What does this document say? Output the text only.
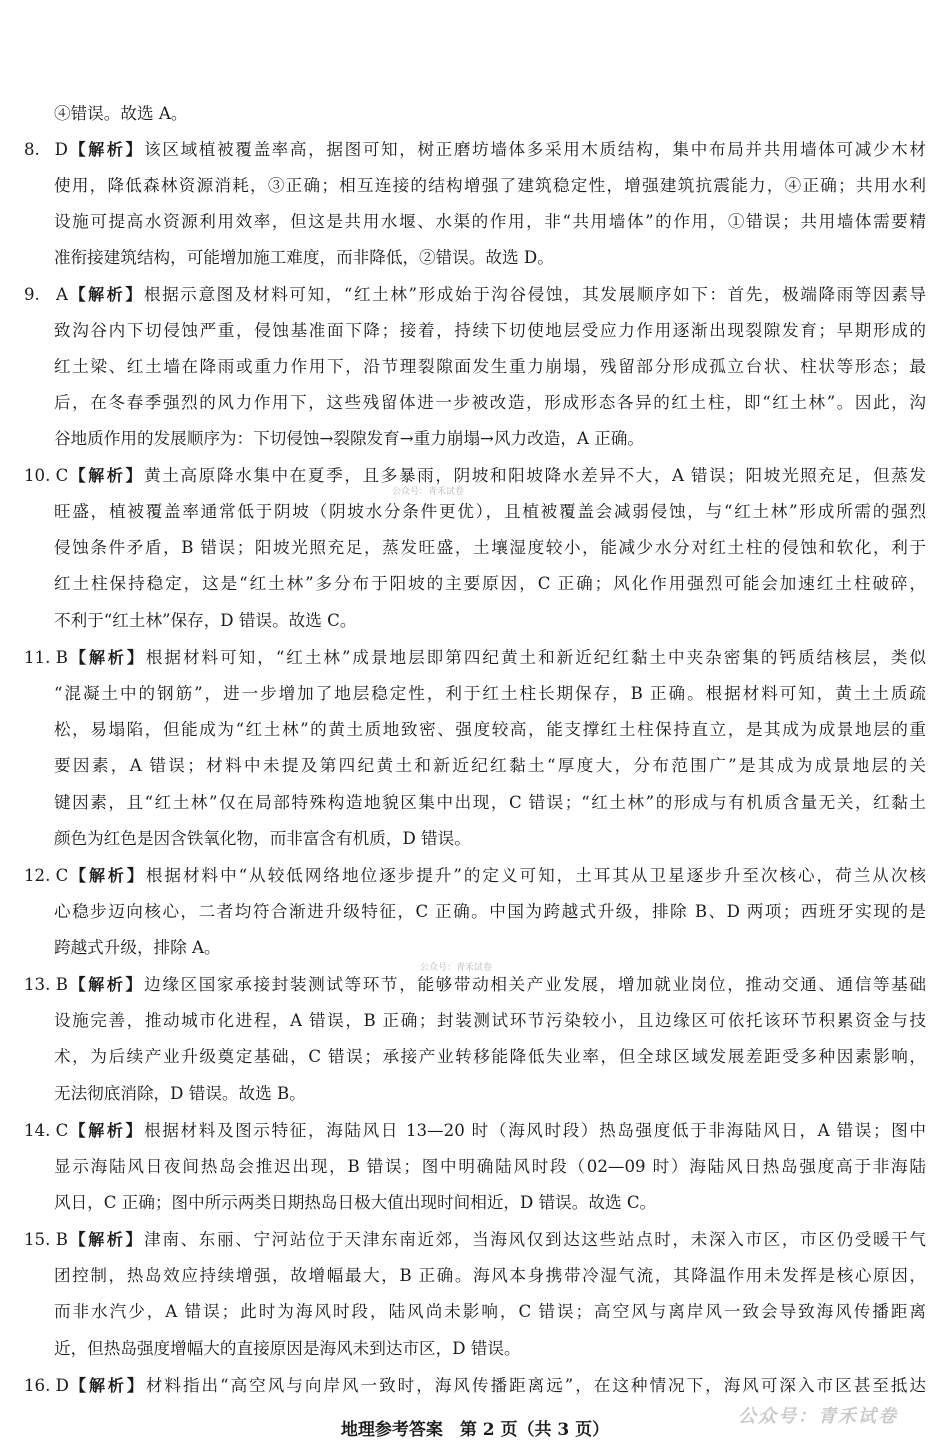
④错误。故选 A。
8. D【解析】该区域植被覆盖率高，据图可知，树正磨坊墙体多采用木质结构，集中布局并共用墙体可减少木材
使用，降低森林资源消耗，③正确；相互连接的结构增强了建筑稳定性，增强建筑抗震能力，④正确；共用水利
设施可提高水资源利用效率，但这是共用水堰、水渠的作用，非“共用墙体”的作用，①错误；共用墙体需要精
准衔接建筑结构，可能增加施工难度，而非降低，②错误。故选 D。
9. A【解析】根据示意图及材料可知，“红土林”形成始于沟谷侵蚀，其发展顺序如下：首先，极端降雨等因素导
致沟谷内下切侵蚀严重，侵蚀基准面下降；接着，持续下切使地层受应力作用逐渐出现裂隙发育；早期形成的
红土梁、红土墙在降雨或重力作用下，沿节理裂隙面发生重力崩塌，残留部分形成孤立台状、柱状等形态；最
后，在冬春季强烈的风力作用下，这些残留体进一步被改造，形成形态各异的红土柱，即“红土林”。因此，沟
谷地质作用的发展顺序为：下切侵蚀→裂隙发育→重力崩塌→风力改造，A 正确。
10. C【解析】黄土高原降水集中在夏季，且多暴雨，阴坡和阳坡降水差异不大，A 错误；阳坡光照充足，但蒸发
旺盛，植被覆盖率通常低于阴坡（阴坡水分条件更优），且植被覆盖会减弱侵蚀，与“红土林”形成所需的强烈
侵蚀条件矛盾，B 错误；阳坡光照充足，蒸发旺盛，土壤湿度较小，能减少水分对红土柱的侵蚀和软化，利于
红土柱保持稳定，这是“红土林”多分布于阳坡的主要原因，C 正确；风化作用强烈可能会加速红土柱破碎，
不利于“红土林”保存，D 错误。故选 C。
11. B【解析】根据材料可知，“红土林”成景地层即第四纪黄土和新近纪红黏土中夹杂密集的钙质结核层，类似
“混凝土中的钢筋”，进一步增加了地层稳定性，利于红土柱长期保存，B 正确。根据材料可知，黄土土质疏
松，易塌陷，但能成为“红土林”的黄土质地致密、强度较高，能支撑红土柱保持直立，是其成为成景地层的重
要因素，A 错误；材料中未提及第四纪黄土和新近纪红黏土“厚度大，分布范围广”是其成为成景地层的关
键因素，且“红土林”仅在局部特殊构造地貌区集中出现，C 错误；“红土林”的形成与有机质含量无关，红黏土
颜色为红色是因含铁氧化物，而非富含有机质，D 错误。
12. C【解析】根据材料中“从较低网络地位逐步提升”的定义可知，土耳其从卫星逐步升至次核心，荷兰从次核
心稳步迈向核心，二者均符合渐进升级特征，C 正确。中国为跨越式升级，排除 B、D 两项；西班牙实现的是
跨越式升级，排除 A。
13. B【解析】边缘区国家承接封装测试等环节，能够带动相关产业发展，增加就业岗位，推动交通、通信等基础
设施完善，推动城市化进程，A 错误，B 正确；封装测试环节污染较小，且边缘区可依托该环节积累资金与技
术，为后续产业升级奠定基础，C 错误；承接产业转移能降低失业率，但全球区域发展差距受多种因素影响，
无法彻底消除，D 错误。故选 B。
14. C【解析】根据材料及图示特征，海陆风日 13—20 时（海风时段）热岛强度低于非海陆风日，A 错误；图中
显示海陆风日夜间热岛会推迟出现，B 错误；图中明确陆风时段（02—09 时）海陆风日热岛强度高于非海陆
风日，C 正确；图中所示两类日期热岛日极大值出现时间相近，D 错误。故选 C。
15. B【解析】津南、东丽、宁河站位于天津东南近郊，当海风仅到达这些站点时，未深入市区，市区仍受暖干气
团控制，热岛效应持续增强，故增幅最大，B 正确。海风本身携带冷湿气流，其降温作用未发挥是核心原因，
而非水汽少，A 错误；此时为海风时段，陆风尚未影响，C 错误；高空风与离岸风一致会导致海风传播距离
近，但热岛强度增幅大的直接原因是海风未到达市区，D 错误。
16. D【解析】材料指出“高空风与向岸风一致时，海风传播距离远”，在这种情况下，海风可深入市区甚至抵达
公众号：青禾试卷
公众号：青禾试卷
地理参考答案　第 2 页（共 3 页）
公众号：青禾试卷
